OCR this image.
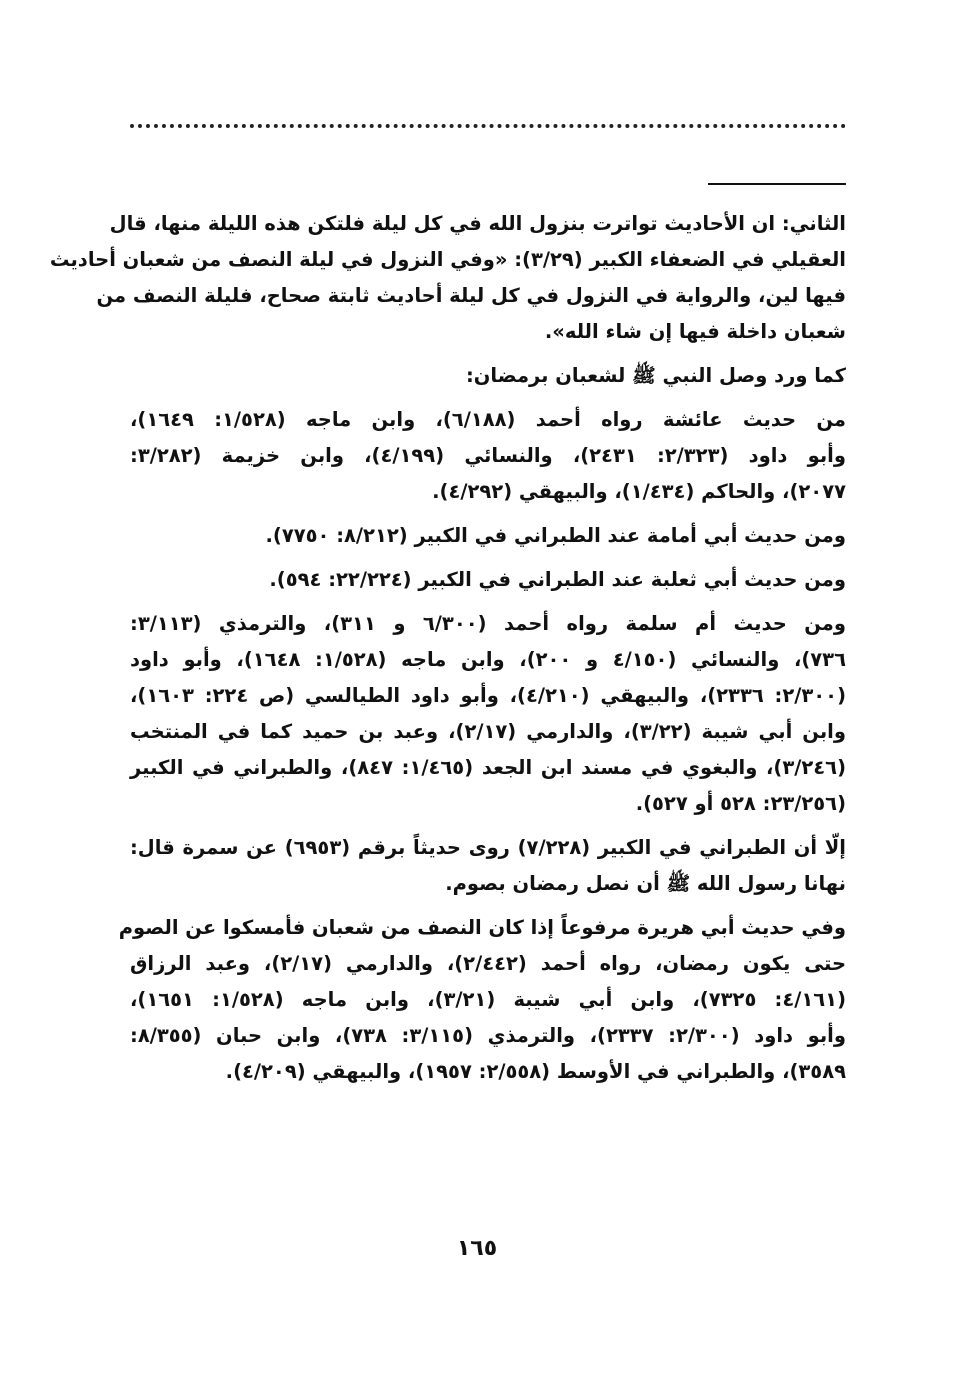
الثاني: ان الأحاديث تواترت بنزول الله في كل ليلة فلتكن هذه الليلة منها، قال
العقيلي في الضعفاء الكبير (٣/٢٩): «وفي النزول في ليلة النصف من شعبان أحاديث
فيها لين، والرواية في النزول في كل ليلة أحاديث ثابتة صحاح، فليلة النصف من
شعبان داخلة فيها إن شاء الله».

كما ورد وصل النبي ﷺ لشعبان برمضان:

من حديث عائشة رواه أحمد (٦/١٨٨)، وابن ماجه (١/٥٢٨: ١٦٤٩)،
وأبو داود (٢/٣٢٣: ٢٤٣١)، والنسائي (٤/١٩٩)، وابن خزيمة (٣/٢٨٢:
٢٠٧٧)، والحاكم (١/٤٣٤)، والبيهقي (٤/٢٩٢).

ومن حديث أبي أمامة عند الطبراني في الكبير (٨/٢١٢: ٧٧٥٠).

ومن حديث أبي ثعلبة عند الطبراني في الكبير (٢٢/٢٢٤: ٥٩٤).

ومن حديث أم سلمة رواه أحمد (٦/٣٠٠ و ٣١١)، والترمذي (٣/١١٣:
٧٣٦)، والنسائي (٤/١٥٠ و ٢٠٠)، وابن ماجه (١/٥٢٨: ١٦٤٨)، وأبو داود
(٢/٣٠٠: ٢٣٣٦)، والبيهقي (٤/٢١٠)، وأبو داود الطيالسي (ص ٢٢٤: ١٦٠٣)،
وابن أبي شيبة (٣/٢٢)، والدارمي (٢/١٧)، وعبد بن حميد كما في المنتخب
(٣/٢٤٦)، والبغوي في مسند ابن الجعد (١/٤٦٥: ٨٤٧)، والطبراني في الكبير
(٢٣/٢٥٦: ٥٢٨ أو ٥٢٧).

إلّا أن الطبراني في الكبير (٧/٢٢٨) روى حديثاً برقم (٦٩٥٣) عن سمرة قال:
نهانا رسول الله ﷺ أن نصل رمضان بصوم.

وفي حديث أبي هريرة مرفوعاً إذا كان النصف من شعبان فأمسكوا عن الصوم
حتى يكون رمضان، رواه أحمد (٢/٤٤٢)، والدارمي (٢/١٧)، وعبد الرزاق
(٤/١٦١: ٧٣٢٥)، وابن أبي شيبة (٣/٢١)، وابن ماجه (١/٥٢٨: ١٦٥١)،
وأبو داود (٢/٣٠٠: ٢٣٣٧)، والترمذي (٣/١١٥: ٧٣٨)، وابن حبان (٨/٣٥٥:
٣٥٨٩)، والطبراني في الأوسط (٢/٥٥٨: ١٩٥٧)، والبيهقي (٤/٢٠٩).

١٦٥
